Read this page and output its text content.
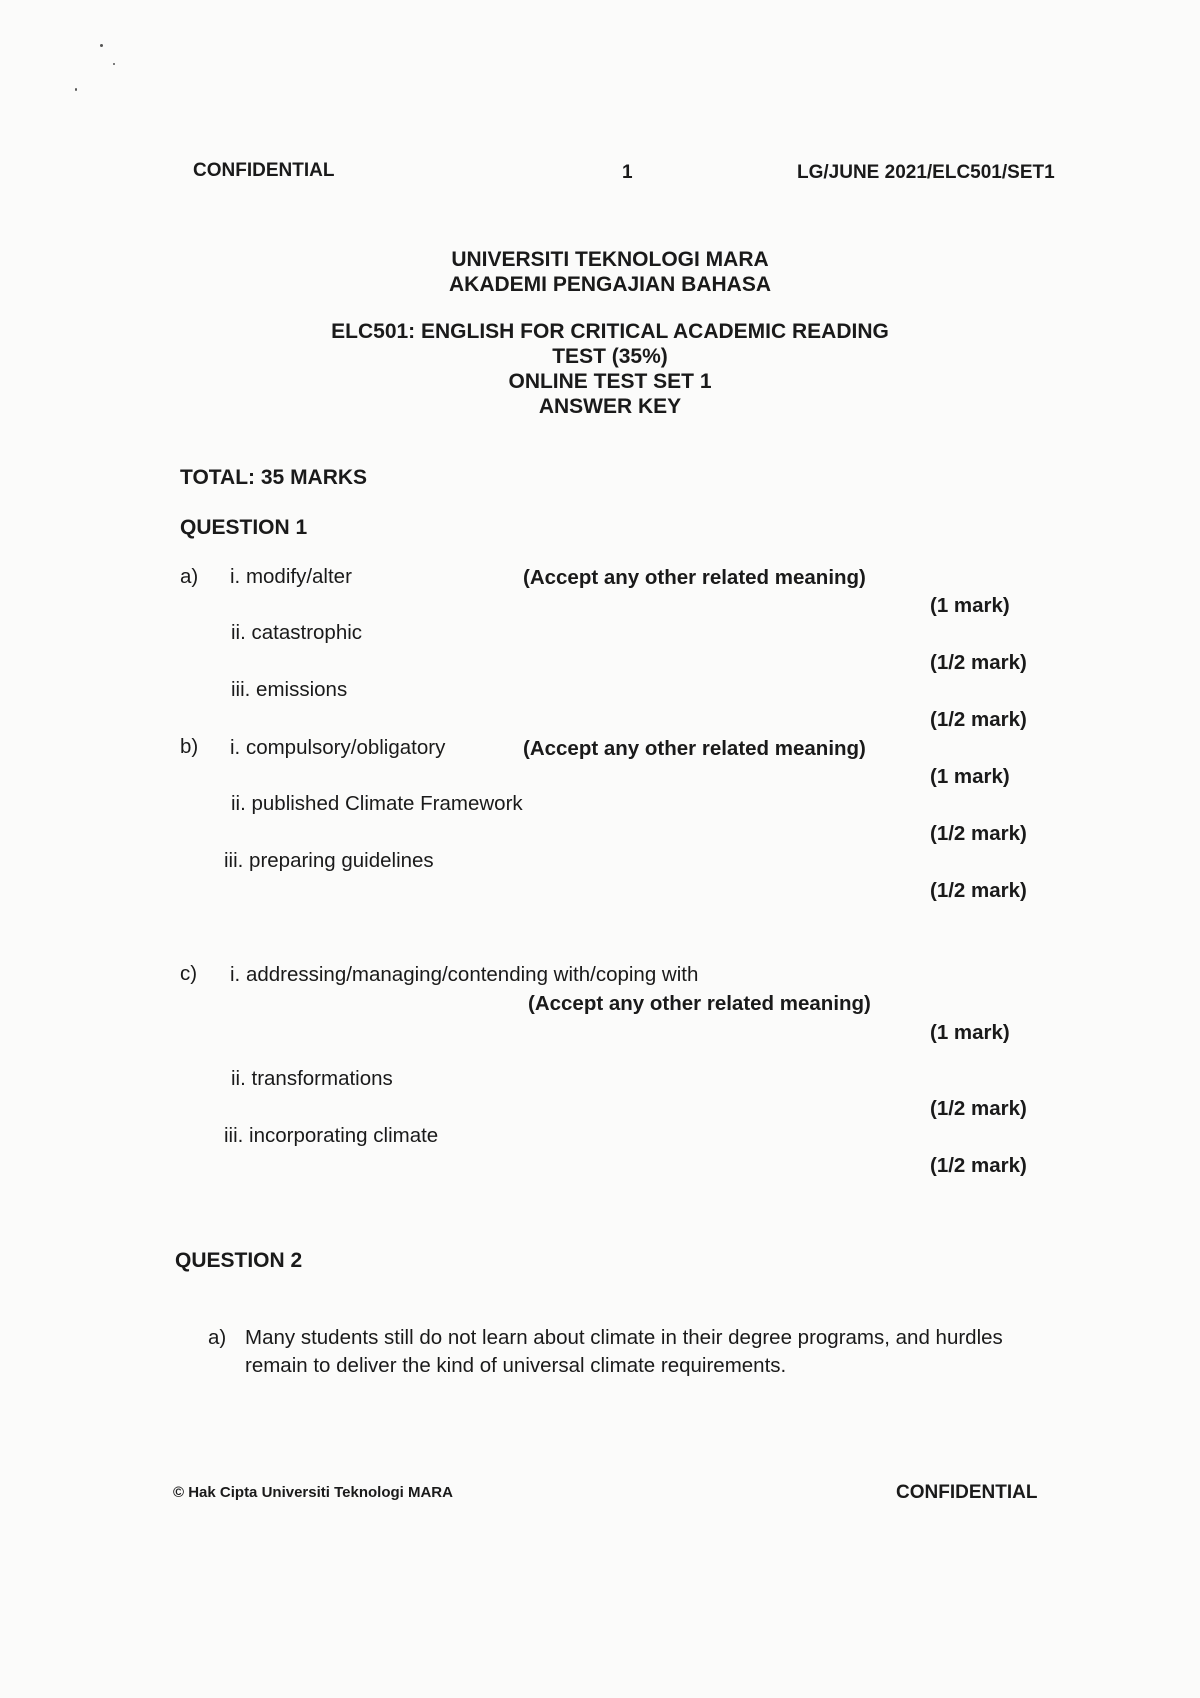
CONFIDENTIAL	1	LG/JUNE 2021/ELC501/SET1
UNIVERSITI TEKNOLOGI MARA
AKADEMI PENGAJIAN BAHASA
ELC501: ENGLISH FOR CRITICAL ACADEMIC READING
TEST (35%)
ONLINE TEST SET 1
ANSWER KEY
TOTAL: 35 MARKS
QUESTION 1
a) i. modify/alter	(Accept any other related meaning)
(1 mark)
ii. catastrophic
(1/2 mark)
iii. emissions
(1/2 mark)
b) i. compulsory/obligatory	(Accept any other related meaning)
(1 mark)
ii. published Climate Framework
(1/2 mark)
iii. preparing guidelines
(1/2 mark)
c) i. addressing/managing/contending with/coping with
(Accept any other related meaning)
(1 mark)
ii. transformations
(1/2 mark)
iii. incorporating climate
(1/2 mark)
QUESTION 2
a) Many students still do not learn about climate in their degree programs, and hurdles remain to deliver the kind of universal climate requirements.
© Hak Cipta Universiti Teknologi MARA	CONFIDENTIAL
